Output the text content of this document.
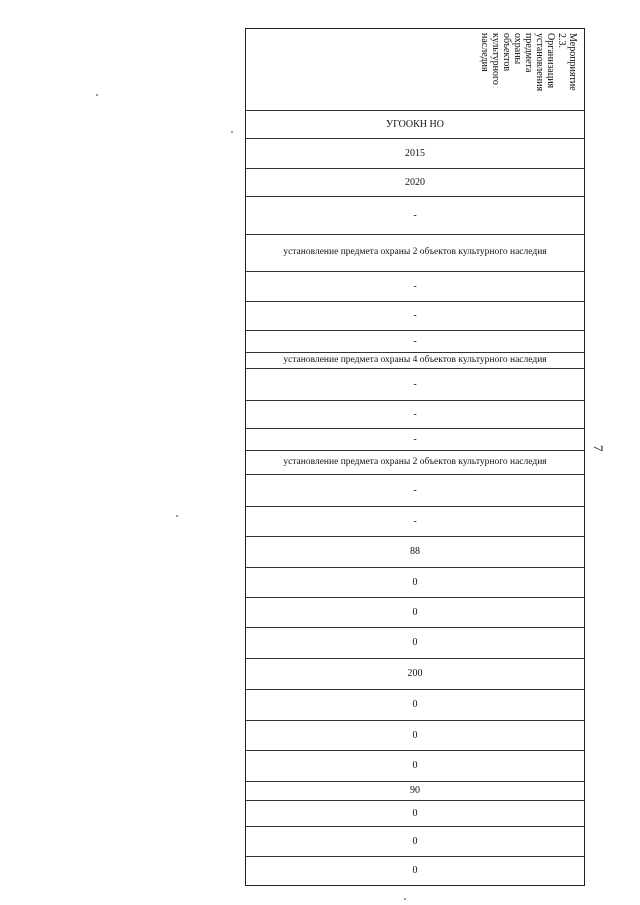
Мероприятие
2.3.
Организация
установления
предмета
охраны
объектов
культурного
наследия
УГООКН НО
2015
2020
-
установление предмета охраны 2 объектов культурного наследия
-
-
-
установление предмета охраны 4 объектов культурного наследия
-
-
-
установление предмета охраны 2 объектов культурного наследия
-
-
88
0
0
0
200
0
0
0
90
0
0
0
7
